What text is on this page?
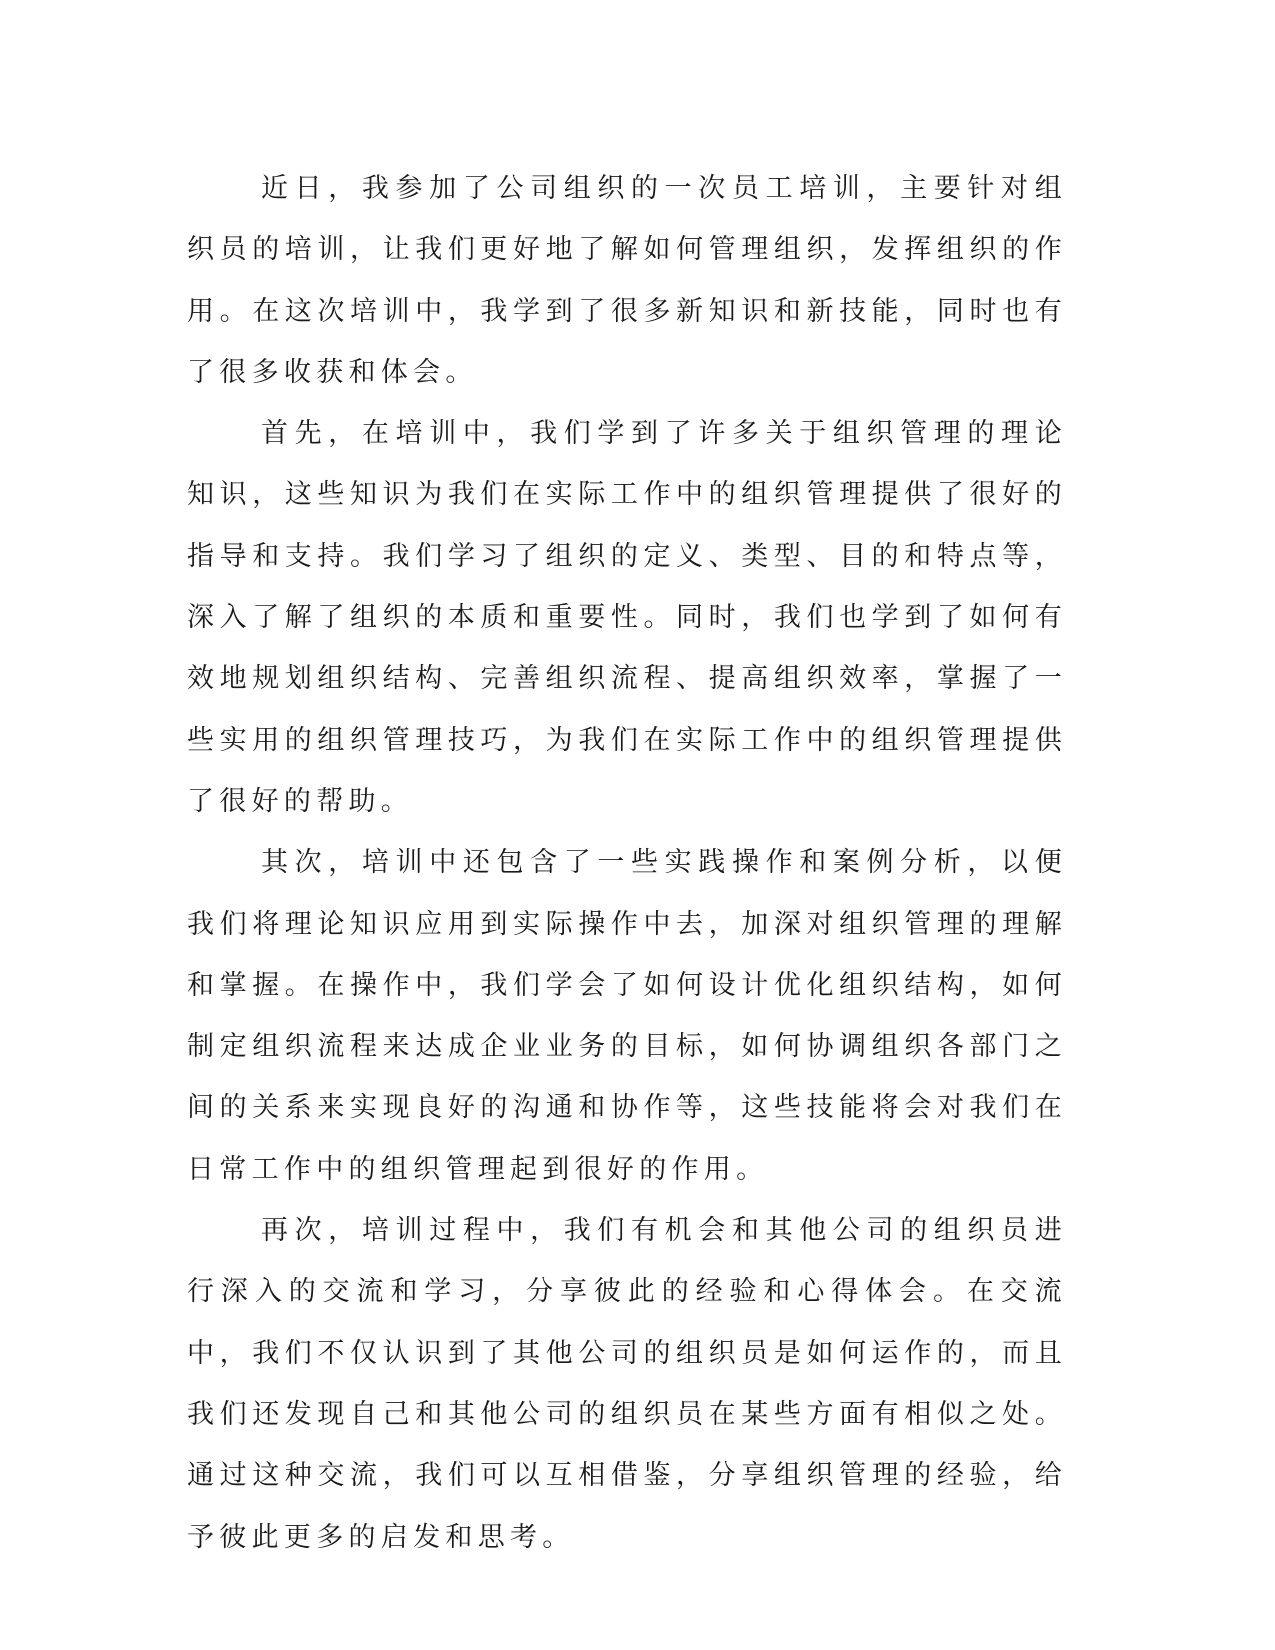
近日，我参加了公司组织的一次员工培训，主要针对组织员的培训，让我们更好地了解如何管理组织，发挥组织的作用。在这次培训中，我学到了很多新知识和新技能，同时也有了很多收获和体会。

首先，在培训中，我们学到了许多关于组织管理的理论知识，这些知识为我们在实际工作中的组织管理提供了很好的指导和支持。我们学习了组织的定义、类型、目的和特点等，深入了解了组织的本质和重要性。同时，我们也学到了如何有效地规划组织结构、完善组织流程、提高组织效率，掌握了一些实用的组织管理技巧，为我们在实际工作中的组织管理提供了很好的帮助。

其次，培训中还包含了一些实践操作和案例分析，以便我们将理论知识应用到实际操作中去，加深对组织管理的理解和掌握。在操作中，我们学会了如何设计优化组织结构，如何制定组织流程来达成企业业务的目标，如何协调组织各部门之间的关系来实现良好的沟通和协作等，这些技能将会对我们在日常工作中的组织管理起到很好的作用。

再次，培训过程中，我们有机会和其他公司的组织员进行深入的交流和学习，分享彼此的经验和心得体会。在交流中，我们不仅认识到了其他公司的组织员是如何运作的，而且我们还发现自己和其他公司的组织员在某些方面有相似之处。通过这种交流，我们可以互相借鉴，分享组织管理的经验，给予彼此更多的启发和思考。
